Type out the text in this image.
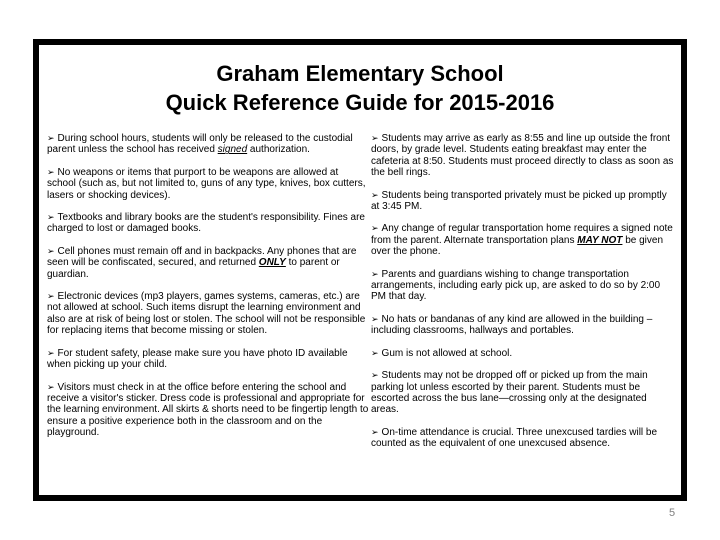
Graham Elementary School
Quick Reference Guide for 2015-2016
➢ During school hours, students will only be released to the custodial parent unless the school has received signed authorization.
➢ No weapons or items that purport to be weapons are allowed at school (such as, but not limited to, guns of any type, knives, box cutters, lasers or shocking devices).
➢ Textbooks and library books are the student's responsibility. Fines are charged to lost or damaged books.
➢ Cell phones must remain off and in backpacks. Any phones that are seen will be confiscated, secured, and returned ONLY to parent or guardian.
➢ Electronic devices (mp3 players, games systems, cameras, etc.) are not allowed at school. Such items disrupt the learning environment and also are at risk of being lost or stolen. The school will not be responsible for replacing items that become missing or stolen.
➢ For student safety, please make sure you have photo ID available when picking up your child.
➢ Visitors must check in at the office before entering the school and receive a visitor's sticker. Dress code is professional and appropriate for the learning environment. All skirts & shorts need to be fingertip length to ensure a positive experience both in the classroom and on the playground.
➢ Students may arrive as early as 8:55 and line up outside the front doors, by grade level. Students eating breakfast may enter the cafeteria at 8:50. Students must proceed directly to class as soon as the bell rings.
➢ Students being transported privately must be picked up promptly at 3:45 PM.
➢ Any change of regular transportation home requires a signed note from the parent. Alternate transportation plans MAY NOT be given over the phone.
➢ Parents and guardians wishing to change transportation arrangements, including early pick up, are asked to do so by 2:00 PM that day.
➢ No hats or bandanas of any kind are allowed in the building – including classrooms, hallways and portables.
➢ Gum is not allowed at school.
➢ Students may not be dropped off or picked up from the main parking lot unless escorted by their parent. Students must be escorted across the bus lane—crossing only at the designated areas.
➢ On-time attendance is crucial. Three unexcused tardies will be counted as the equivalent of one unexcused absence.
5
